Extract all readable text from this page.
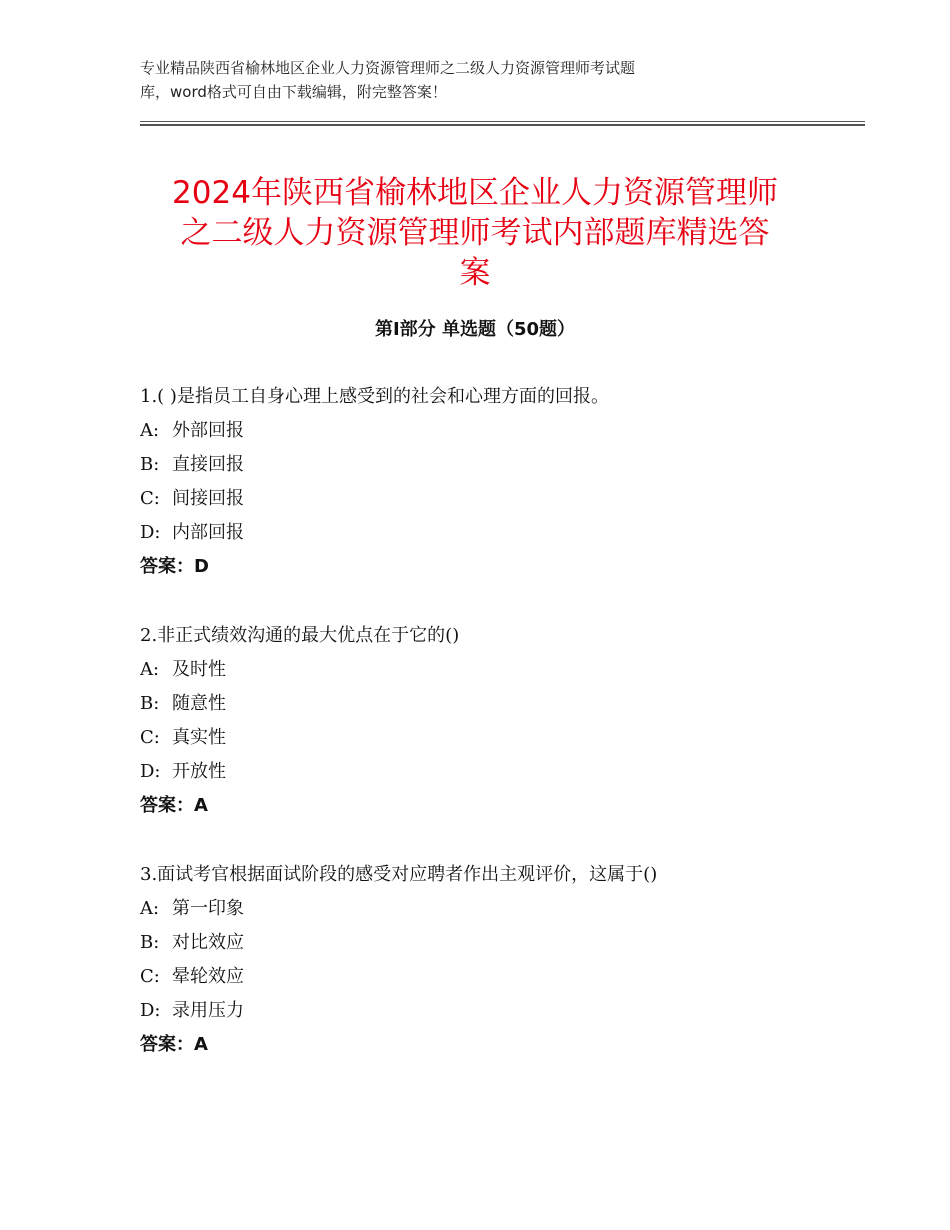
专业精品陕西省榆林地区企业人力资源管理师之二级人力资源管理师考试题
库，word格式可自由下载编辑，附完整答案！
2024年陕西省榆林地区企业人力资源管理师
之二级人力资源管理师考试内部题库精选答
案
第Ⅰ部分 单选题（50题）
1.( )是指员工自身心理上感受到的社会和心理方面的回报。
A: 外部回报
B: 直接回报
C: 间接回报
D: 内部回报
答案：D
2.非正式绩效沟通的最大优点在于它的()
A: 及时性
B: 随意性
C: 真实性
D: 开放性
答案：A
3.面试考官根据面试阶段的感受对应聘者作出主观评价，这属于()
A: 第一印象
B: 对比效应
C: 晕轮效应
D: 录用压力
答案：A
